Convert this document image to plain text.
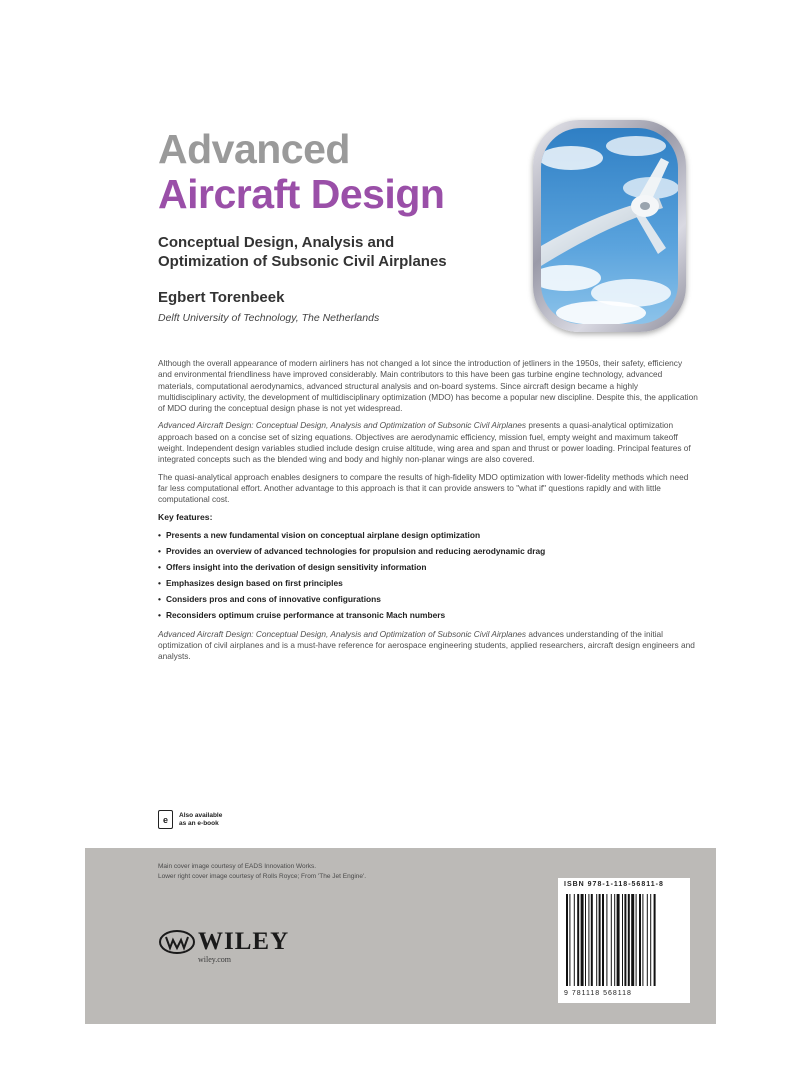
Advanced
Aircraft Design

Conceptual Design, Analysis and Optimization of Subsonic Civil Airplanes

Egbert Torenbeek

Delft University of Technology, The Netherlands

Although the overall appearance of modern airliners has not changed a lot since the introduction of jetliners in the 1950s, their safety, efficiency and environmental friendliness have improved considerably. Main contributors to this have been gas turbine engine technology, advanced materials, computational aerodynamics, advanced structural analysis and on-board systems. Since aircraft design became a highly multidisciplinary activity, the development of multidisciplinary optimization (MDO) has become a popular new discipline. Despite this, the application of MDO during the conceptual design phase is not yet widespread.

Advanced Aircraft Design: Conceptual Design, Analysis and Optimization of Subsonic Civil Airplanes presents a quasi-analytical optimization approach based on a concise set of sizing equations. Objectives are aerodynamic efficiency, mission fuel, empty weight and maximum takeoff weight. Independent design variables studied include design cruise altitude, wing area and span and thrust or power loading. Principal features of integrated concepts such as the blended wing and body and highly non-planar wings are also covered.

The quasi-analytical approach enables designers to compare the results of high-fidelity MDO optimization with lower-fidelity methods which need far less computational effort. Another advantage to this approach is that it can provide answers to "what if" questions rapidly and with little computational cost.

Key features:
• Presents a new fundamental vision on conceptual airplane design optimization
• Provides an overview of advanced technologies for propulsion and reducing aerodynamic drag
• Offers insight into the derivation of design sensitivity information
• Emphasizes design based on first principles
• Considers pros and cons of innovative configurations
• Reconsiders optimum cruise performance at transonic Mach numbers

Advanced Aircraft Design: Conceptual Design, Analysis and Optimization of Subsonic Civil Airplanes advances understanding of the initial optimization of civil airplanes and is a must-have reference for aerospace engineering students, applied researchers, aircraft design engineers and analysts.

e	Also available
as an e-book
Main cover image courtesy of EADS Innovation Works.
Lower right cover image courtesy of Rolls Royce; From 'The Jet Engine'.
WILEY
wiley.com
ISBN 978-1-118-56811-8
9 781118 568118
